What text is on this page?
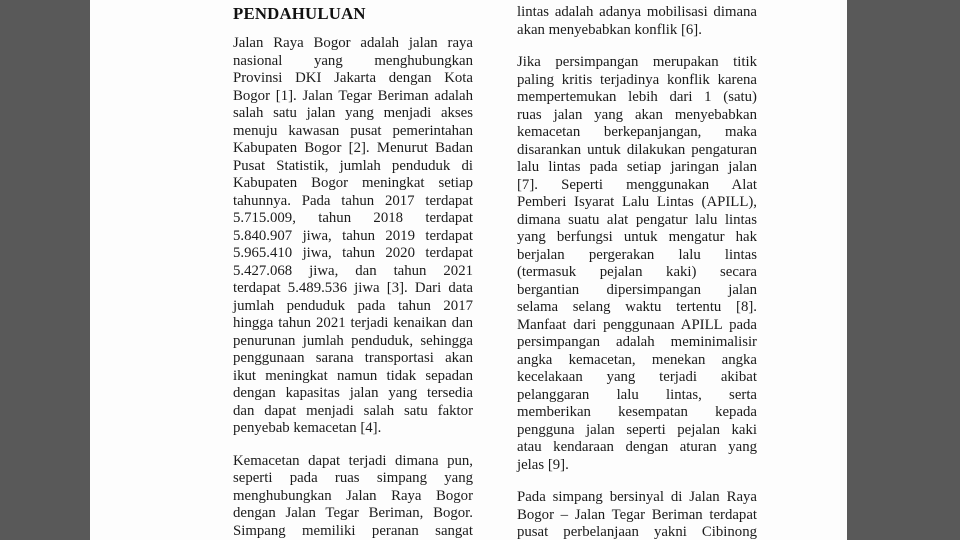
PENDAHULUAN
Jalan Raya Bogor adalah jalan raya
nasional yang menghubungkan
Provinsi DKI Jakarta dengan Kota
Bogor [1]. Jalan Tegar Beriman adalah
salah satu jalan yang menjadi akses
menuju kawasan pusat pemerintahan
Kabupaten Bogor [2]. Menurut Badan
Pusat Statistik, jumlah penduduk di
Kabupaten Bogor meningkat setiap
tahunnya. Pada tahun 2017 terdapat
5.715.009, tahun 2018 terdapat
5.840.907 jiwa, tahun 2019 terdapat
5.965.410 jiwa, tahun 2020 terdapat
5.427.068 jiwa, dan tahun 2021
terdapat 5.489.536 jiwa [3]. Dari data
jumlah penduduk pada tahun 2017
hingga tahun 2021 terjadi kenaikan dan
penurunan jumlah penduduk, sehingga
penggunaan sarana transportasi akan
ikut meningkat namun tidak sepadan
dengan kapasitas jalan yang tersedia
dan dapat menjadi salah satu faktor
penyebab kemacetan [4].
Kemacetan dapat terjadi dimana pun,
seperti pada ruas simpang yang
menghubungkan Jalan Raya Bogor
dengan Jalan Tegar Beriman, Bogor.
Simpang memiliki peranan sangat
lintas adalah adanya mobilisasi dimana
akan menyebabkan konflik [6].
Jika persimpangan merupakan titik
paling kritis terjadinya konflik karena
mempertemukan lebih dari 1 (satu)
ruas jalan yang akan menyebabkan
kemacetan berkepanjangan, maka
disarankan untuk dilakukan pengaturan
lalu lintas pada setiap jaringan jalan
[7]. Seperti menggunakan Alat
Pemberi Isyarat Lalu Lintas (APILL),
dimana suatu alat pengatur lalu lintas
yang berfungsi untuk mengatur hak
berjalan pergerakan lalu lintas
(termasuk pejalan kaki) secara
bergantian dipersimpangan jalan
selama selang waktu tertentu [8].
Manfaat dari penggunaan APILL pada
persimpangan adalah meminimalisir
angka kemacetan, menekan angka
kecelakaan yang terjadi akibat
pelanggaran lalu lintas, serta
memberikan kesempatan kepada
pengguna jalan seperti pejalan kaki
atau kendaraan dengan aturan yang
jelas [9].
Pada simpang bersinyal di Jalan Raya
Bogor – Jalan Tegar Beriman terdapat
pusat perbelanjaan yakni Cibinong
